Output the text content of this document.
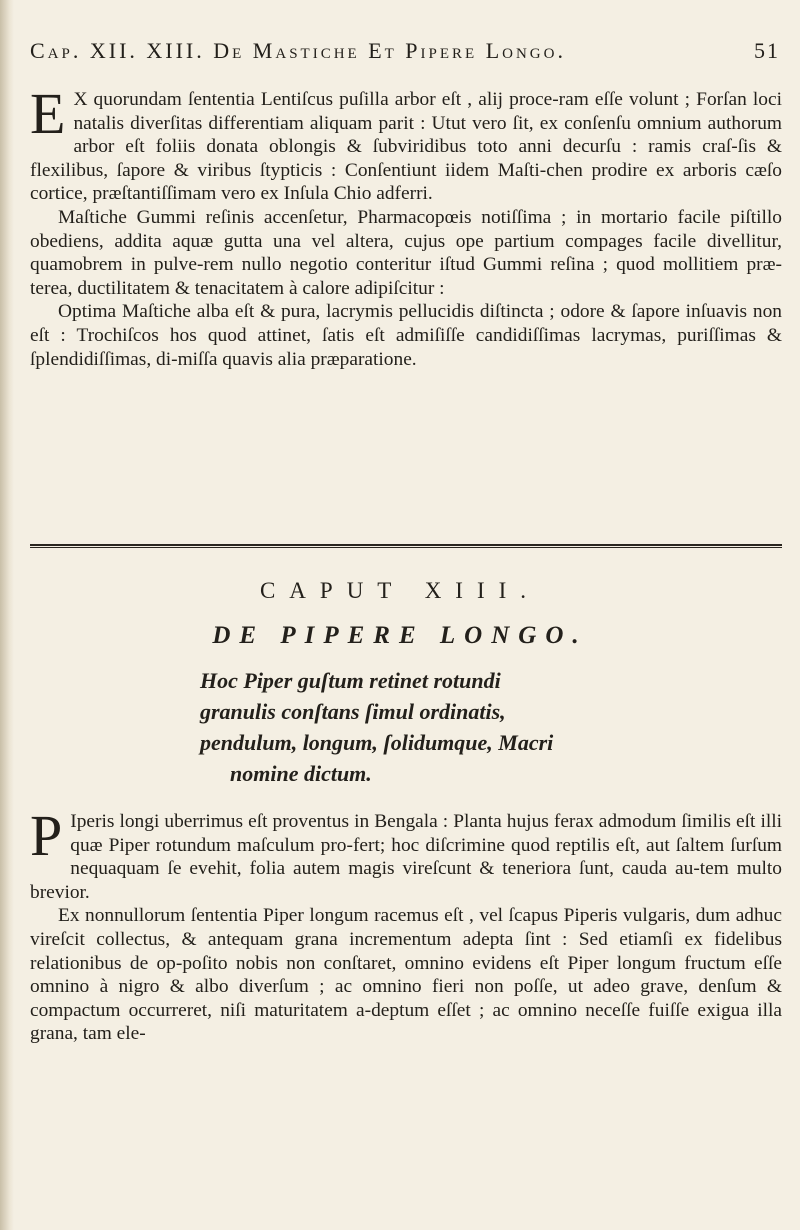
Cap. XII. XIII. De Mastiche Et Pipere Longo.	51

E X quorundam ſententia Lentiſcus puſilla arbor eſt , alij proce-ram eſſe volunt ; Forſan loci natalis diverſitas differentiam aliquam parit : Utut vero ſit, ex conſenſu omnium authorum arbor eſt foliis donata oblongis & ſubviridibus toto anni decurſu : ramis craſ-ſis & flexilibus, ſapore & viribus ſtypticis : Conſentiunt iidem Maſti-chen prodire ex arboris cæſo cortice, præſtantiſſimam vero ex Inſula Chio adferri.

Maſtiche Gummi reſinis accenſetur, Pharmacopœis notiſſima ; in mortario facile piſtillo obediens, addita aquæ gutta una vel altera, cujus ope partium compages facile divellitur, quamobrem in pulve-rem nullo negotio conteritur iſtud Gummi reſina ; quod mollitiem præ-terea, ductilitatem & tenacitatem à calore adipiſcitur :

Optima Maſtiche alba eſt & pura, lacrymis pellucidis diſtincta ; odore & ſapore inſuavis non eſt : Trochiſcos hos quod attinet, ſatis eſt admiſiſſe candidiſſimas lacrymas, puriſſimas & ſplendidiſſimas, di-miſſa quavis alia præparatione.

CAPUT XIII.
DE PIPERE LONGO.
Hoc Piper guſtum retinet rotundi
granulis conſtans ſimul ordinatis,
pendulum, longum, ſolidumque, Macri
nomine dictum.

P Iperis longi uberrimus eſt proventus in Bengala : Planta hujus ferax admodum ſimilis eſt illi quæ Piper rotundum maſculum pro-fert; hoc diſcrimine quod reptilis eſt, aut ſaltem ſurſum nequaquam ſe evehit, folia autem magis vireſcunt & teneriora ſunt, cauda au-tem multo brevior.

Ex nonnullorum ſententia Piper longum racemus eſt , vel ſcapus Piperis vulgaris, dum adhuc vireſcit collectus, & antequam grana incrementum adepta ſint : Sed etiamſi ex fidelibus relationibus de op-poſito nobis non conſtaret, omnino evidens eſt Piper longum fructum eſſe omnino à nigro & albo diverſum ; ac omnino fieri non poſſe, ut adeo grave, denſum & compactum occurreret, niſi maturitatem a-deptum eſſet ; ac omnino neceſſe fuiſſe exigua illa grana, tam ele-
